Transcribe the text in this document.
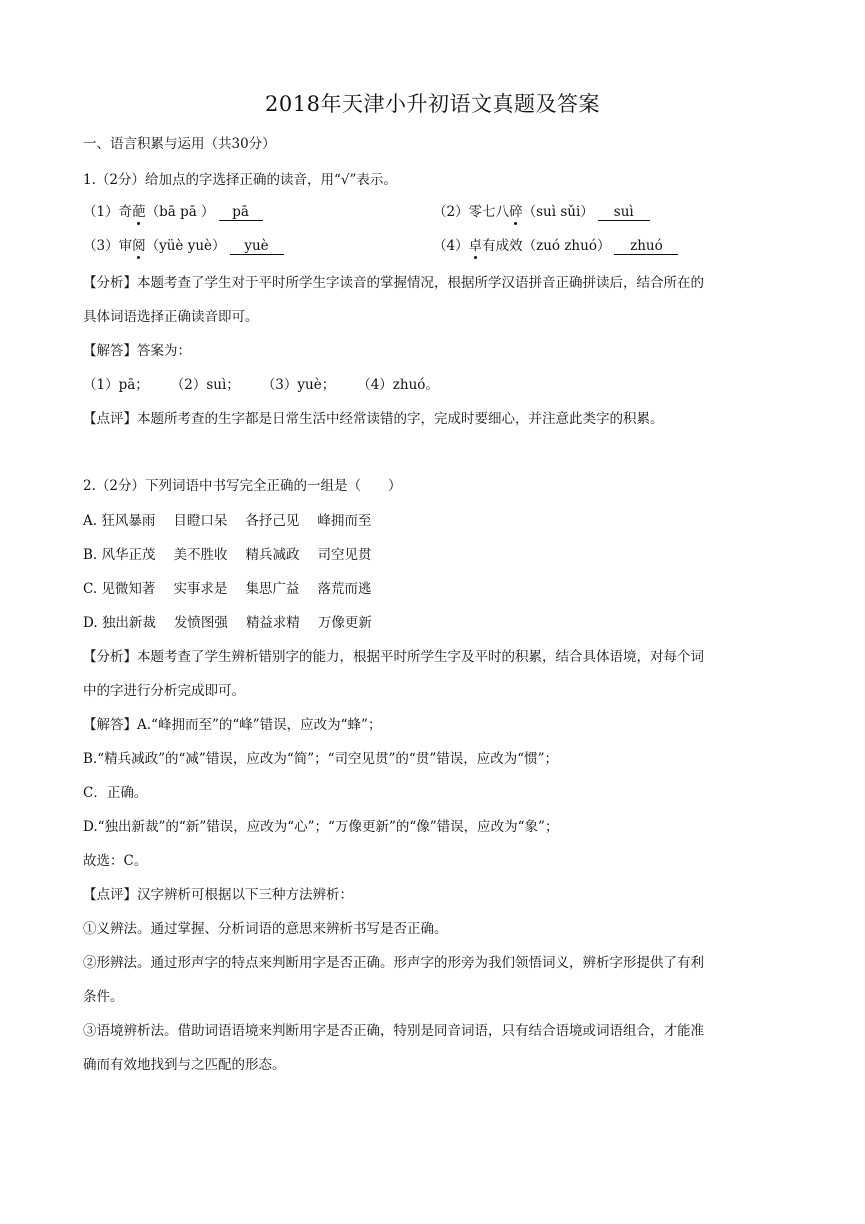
2018年天津小升初语文真题及答案
一、语言积累与运用（共30分）
1.（2分）给加点的字选择正确的读音，用“√”表示。
（1）奇葩（bā pā ） pā	（2）零七八碎（suì sǔi） suì
（3）审阅（yüè yuè） yuè	（4）卓有成效（zuó zhuó） zhuó
【分析】本题考查了学生对于平时所学生字读音的掌握情况，根据所学汉语拼音正确拼读后，结合所在的
具体词语选择正确读音即可。
【解答】答案为：
（1）pā； （2）suì； （3）yuè； （4）zhuó。
【点评】本题所考查的生字都是日常生活中经常读错的字，完成时要细心，并注意此类字的积累。
2.（2分）下列词语中书写完全正确的一组是（　　）
A. 狂风暴雨 目瞪口呆 各抒己见 峰拥而至
B. 风华正茂 美不胜收 精兵减政 司空见贯
C. 见微知著 实事求是 集思广益 落荒而逃
D. 独出新裁 发愤图强 精益求精 万像更新
【分析】本题考查了学生辨析错别字的能力，根据平时所学生字及平时的积累，结合具体语境，对每个词
中的字进行分析完成即可。
【解答】A.“峰拥而至”的“峰”错误，应改为“蜂”；
B.“精兵减政”的“减”错误，应改为“简”；“司空见贯”的“贯”错误，应改为“惯”；
C．正确。
D.“独出新裁”的“新”错误，应改为“心”；“万像更新”的“像”错误，应改为“象”；
故选：C。
【点评】汉字辨析可根据以下三种方法辨析：
①义辨法。通过掌握、分析词语的意思来辨析书写是否正确。
②形辨法。通过形声字的特点来判断用字是否正确。形声字的形旁为我们领悟词义，辨析字形提供了有利
条件。
③语境辨析法。借助词语语境来判断用字是否正确，特别是同音词语，只有结合语境或词语组合，才能准
确而有效地找到与之匹配的形态。
